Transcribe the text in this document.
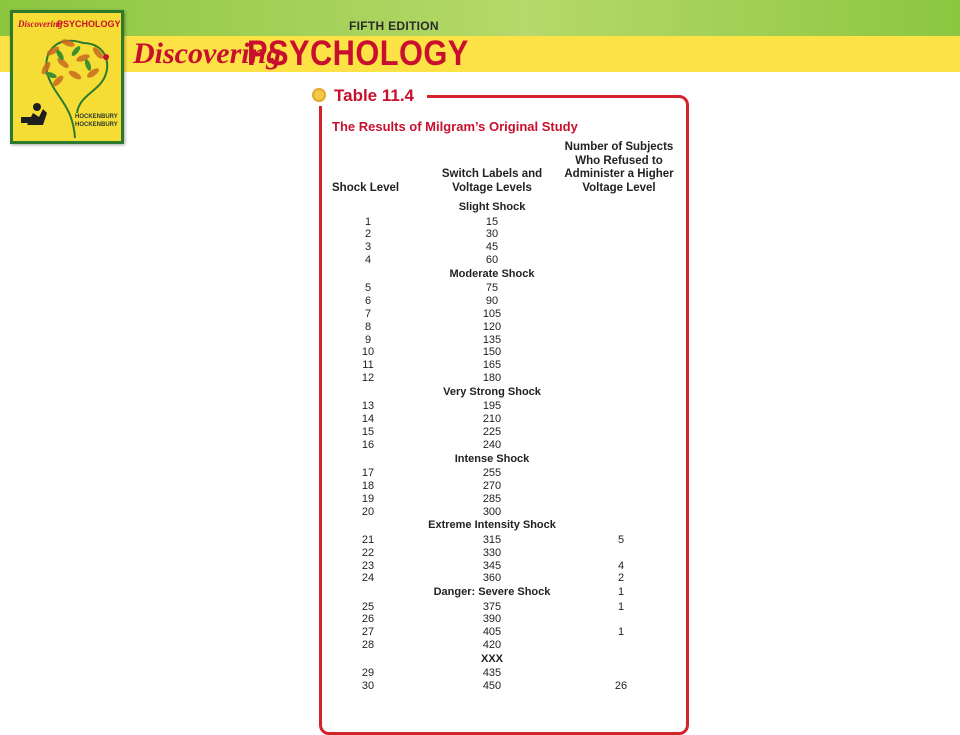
FIFTH EDITION
Discovering
PSYCHOLOGY
Discovering
PSYCHOLOGY
HOCKENBURY
HOCKENBURY
Table 11.4
The Results of Milgram’s Original Study
Shock Level
Switch Labels and Voltage Levels
Number of Subjects Who Refused to Administer a Higher Voltage Level
Slight Shock
1	15
2	30
3	45
4	60
Moderate Shock
5	75
6	90
7	105
8	120
9	135
10	150
11	165
12	180
Very Strong Shock
13	195
14	210
15	225
16	240
Intense Shock
17	255
18	270
19	285
20	300
Extreme Intensity Shock
21	315	5
22	330
23	345	4
24	360	2
Danger: Severe Shock	1
25	375	1
26	390
27	405	1
28	420
XXX
29	435
30	450	26
